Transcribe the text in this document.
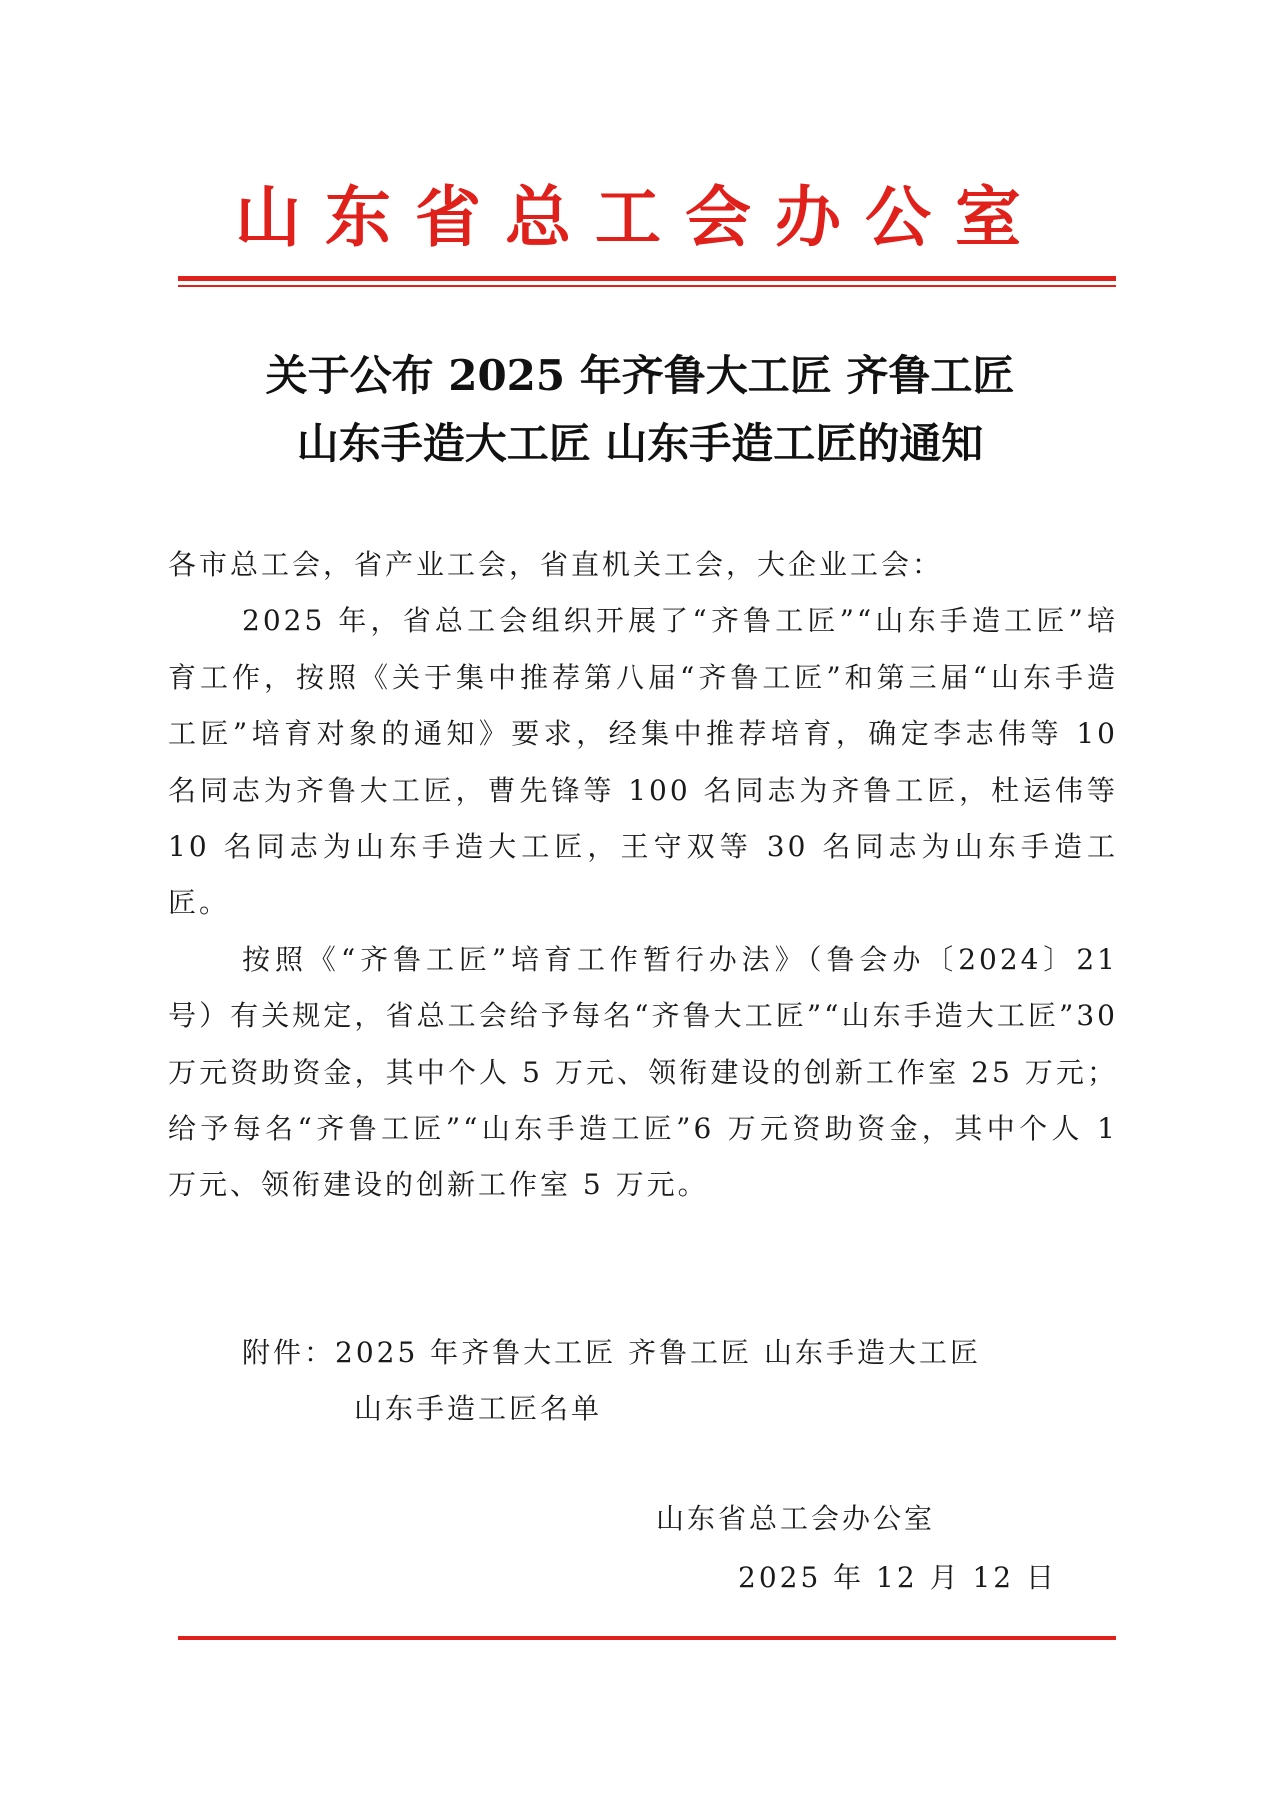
山东省总工会办公室
关于公布 2025 年齐鲁大工匠 齐鲁工匠
山东手造大工匠 山东手造工匠的通知

各市总工会，省产业工会，省直机关工会，大企业工会：

2025 年，省总工会组织开展了“齐鲁工匠”“山东手造工匠”培育工作，按照《关于集中推荐第八届“齐鲁工匠”和第三届“山东手造工匠”培育对象的通知》要求，经集中推荐培育，确定李志伟等 10 名同志为齐鲁大工匠，曹先锋等 100 名同志为齐鲁工匠，杜运伟等 10 名同志为山东手造大工匠，王守双等 30 名同志为山东手造工匠。

按照《“齐鲁工匠”培育工作暂行办法》（鲁会办〔2024〕21 号）有关规定，省总工会给予每名“齐鲁大工匠”“山东手造大工匠”30 万元资助资金，其中个人 5 万元、领衔建设的创新工作室 25 万元；给予每名“齐鲁工匠”“山东手造工匠”6 万元资助资金，其中个人 1 万元、领衔建设的创新工作室 5 万元。

附件：2025 年齐鲁大工匠 齐鲁工匠 山东手造大工匠
山东手造工匠名单
山东省总工会办公室
2025 年 12 月 12 日
